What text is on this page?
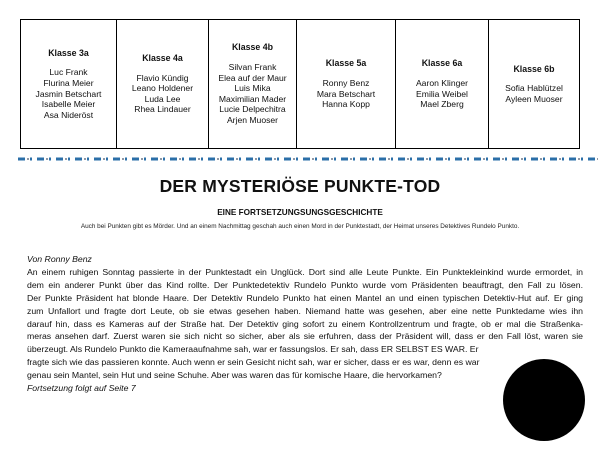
Klasse 3a
Luc Frank
Flurina Meier
Jasmin Betschart
Isabelle Meier
Asa Nideröst
Klasse 4a
Flavio Kündig
Leano Holdener
Luda Lee
Rhea Lindauer
Klasse 4b
Silvan Frank
Elea auf der Maur
Luis Mika
Maximilian Mader
Lucie Delpechitra
Arjen Muoser
Klasse 5a
Ronny Benz
Mara Betschart
Hanna Kopp
Klasse 6a
Aaron Klinger
Emilia Weibel
Mael Zberg
Klasse 6b
Sofia Hablützel
Ayleen Muoser
DER MYSTERIÖSE PUNKTE-TOD
EINE FORTSETZUNGSUNGSGESCHICHTE
Auch bei Punkten gibt es Mörder. Und an einem Nachmittag geschah auch einen Mord in der Punktestadt, der Heimat unseres Detektives Rundelo Punkto.
Von Ronny Benz
An einem ruhigen Sonntag passierte in der Punktestadt ein Unglück. Dort sind alle Leute Punkte. Ein Punktekleinkind wurde ermordet, in
dem ein anderer Punkt über das Kind rollte. Der Punktedetektiv Rundelo Punkto wurde vom Präsidenten beauftragt, den Fall zu lösen.
Der Punkte Präsident hat blonde Haare. Der Detektiv Rundelo Punkto hat einen Mantel an und einen typischen Detektiv-Hut auf. Er ging
zum Unfallort und fragte dort Leute, ob sie etwas gesehen haben. Niemand hatte was gesehen, aber eine nette Punktedame wies ihn
darauf hin, dass es Kameras auf der Straße hat. Der Detektiv ging sofort zu einem Kontrollzentrum und fragte, ob er mal die Straßenka-
meras ansehen darf. Zuerst waren sie sich nicht so sicher, aber als sie erfuhren, dass der Präsident will, dass er den Fall löst, waren sie
überzeugt. Als Rundelo Punkto die Kameraaufnahme sah, war er fassungslos. Er sah, dass ER SELBST ES WAR. Er
fragte sich wie das passieren konnte. Auch wenn er sein Gesicht nicht sah, war er sicher, dass er es war, denn es war
genau sein Mantel, sein Hut und seine Schuhe. Aber was waren das für komische Haare, die hervorkamen?
Fortsetzung folgt auf Seite 7
